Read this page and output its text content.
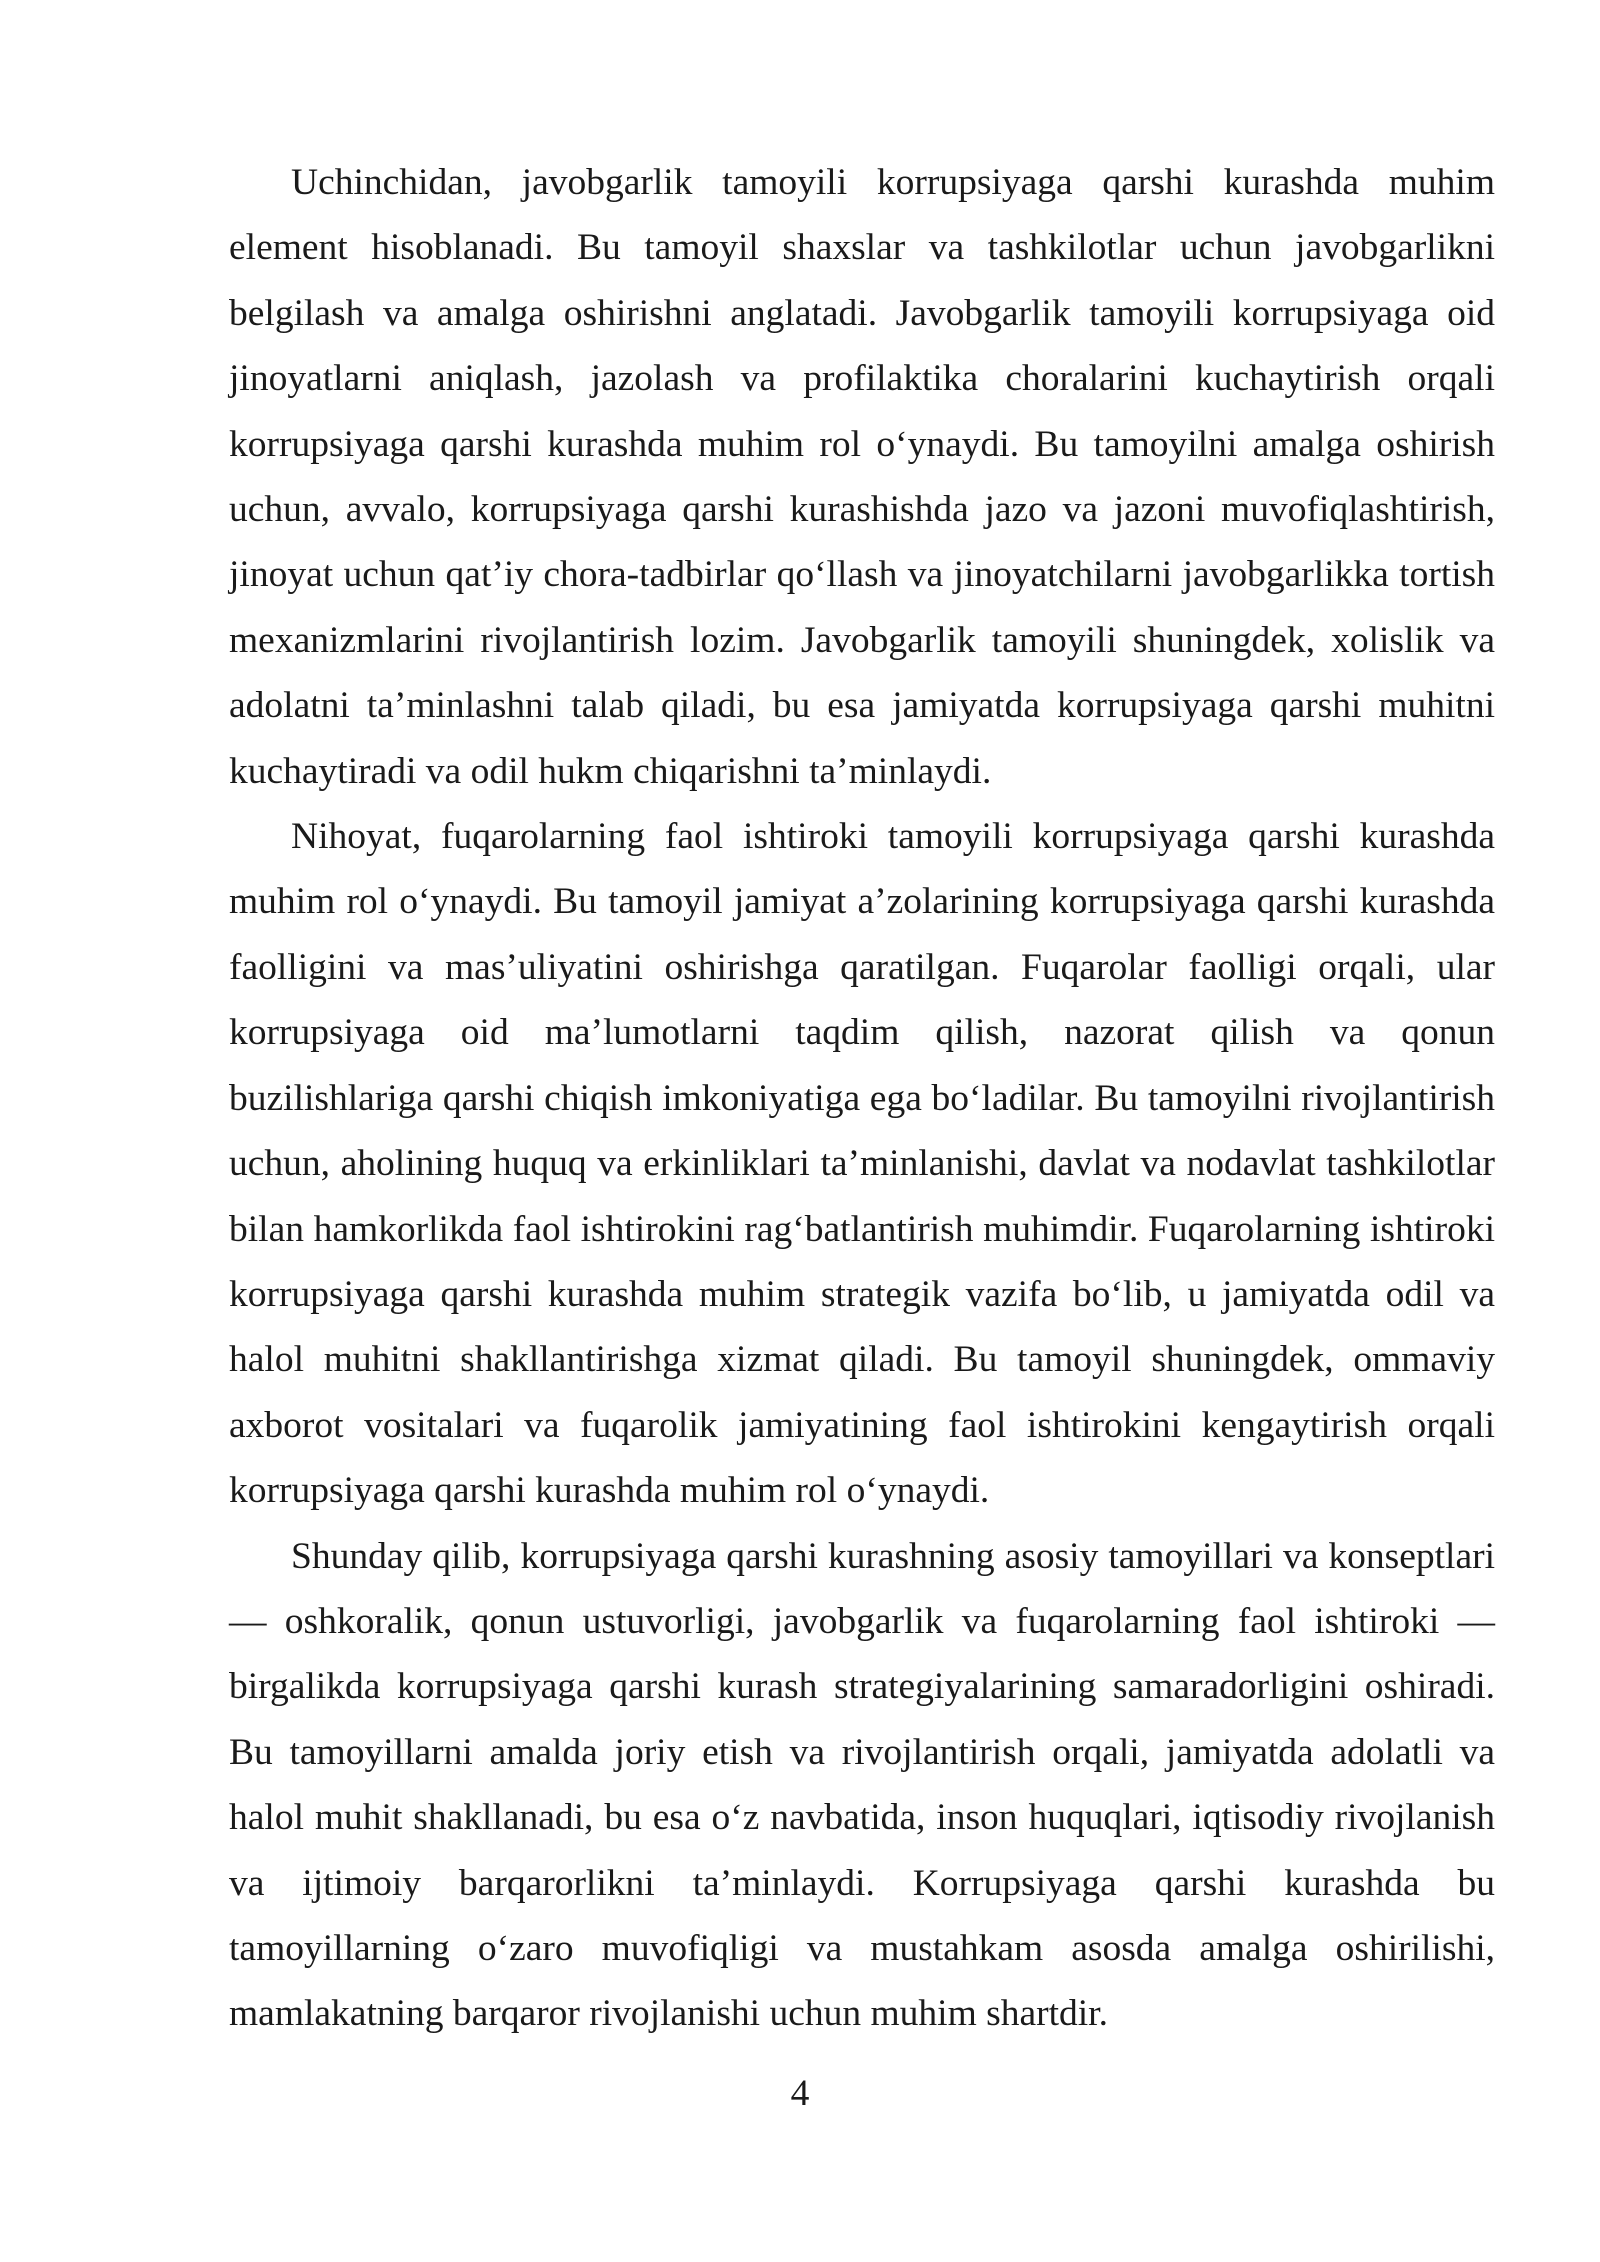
Uchinchidan, javobgarlik tamoyili korrupsiyaga qarshi kurashda muhim element hisoblanadi. Bu tamoyil shaxslar va tashkilotlar uchun javobgarlikni belgilash va amalga oshirishni anglatadi. Javobgarlik tamoyili korrupsiyaga oid jinoyatlarni aniqlash, jazolash va profilaktika choralarini kuchaytirish orqali korrupsiyaga qarshi kurashda muhim rol o‘ynaydi. Bu tamoyilni amalga oshirish uchun, avvalo, korrupsiyaga qarshi kurashishda jazo va jazoni muvofiqlashtirish, jinoyat uchun qat’iy chora-tadbirlar qo‘llash va jinoyatchilarni javobgarlikka tortish mexanizmlarini rivojlantirish lozim. Javobgarlik tamoyili shuningdek, xolislik va adolatni ta’minlashni talab qiladi, bu esa jamiyatda korrupsiyaga qarshi muhitni kuchaytiradi va odil hukm chiqarishni ta’minlaydi.

Nihoyat, fuqarolarning faol ishtiroki tamoyili korrupsiyaga qarshi kurashda muhim rol o‘ynaydi. Bu tamoyil jamiyat a’zolarining korrupsiyaga qarshi kurashda faolligini va mas’uliyatini oshirishga qaratilgan. Fuqarolar faolligi orqali, ular korrupsiyaga oid ma’lumotlarni taqdim qilish, nazorat qilish va qonun buzilishlariga qarshi chiqish imkoniyatiga ega bo‘ladilar. Bu tamoyilni rivojlantirish uchun, aholining huquq va erkinliklari ta’minlanishi, davlat va nodavlat tashkilotlar bilan hamkorlikda faol ishtirokini rag‘batlantirish muhimdir. Fuqarolarning ishtiroki korrupsiyaga qarshi kurashda muhim strategik vazifa bo‘lib, u jamiyatda odil va halol muhitni shakllantirishga xizmat qiladi. Bu tamoyil shuningdek, ommaviy axborot vositalari va fuqarolik jamiyatining faol ishtirokini kengaytirish orqali korrupsiyaga qarshi kurashda muhim rol o‘ynaydi.

Shunday qilib, korrupsiyaga qarshi kurashning asosiy tamoyillari va konseptlari — oshkoralik, qonun ustuvorligi, javobgarlik va fuqarolarning faol ishtiroki — birgalikda korrupsiyaga qarshi kurash strategiyalarining samaradorligini oshiradi. Bu tamoyillarni amalda joriy etish va rivojlantirish orqali, jamiyatda adolatli va halol muhit shakllanadi, bu esa o‘z navbatida, inson huquqlari, iqtisodiy rivojlanish va ijtimoiy barqarorlikni ta’minlaydi. Korrupsiyaga qarshi kurashda bu tamoyillarning o‘zaro muvofiqligi va mustahkam asosda amalga oshirilishi, mamlakatning barqaror rivojlanishi uchun muhim shartdir.

4
